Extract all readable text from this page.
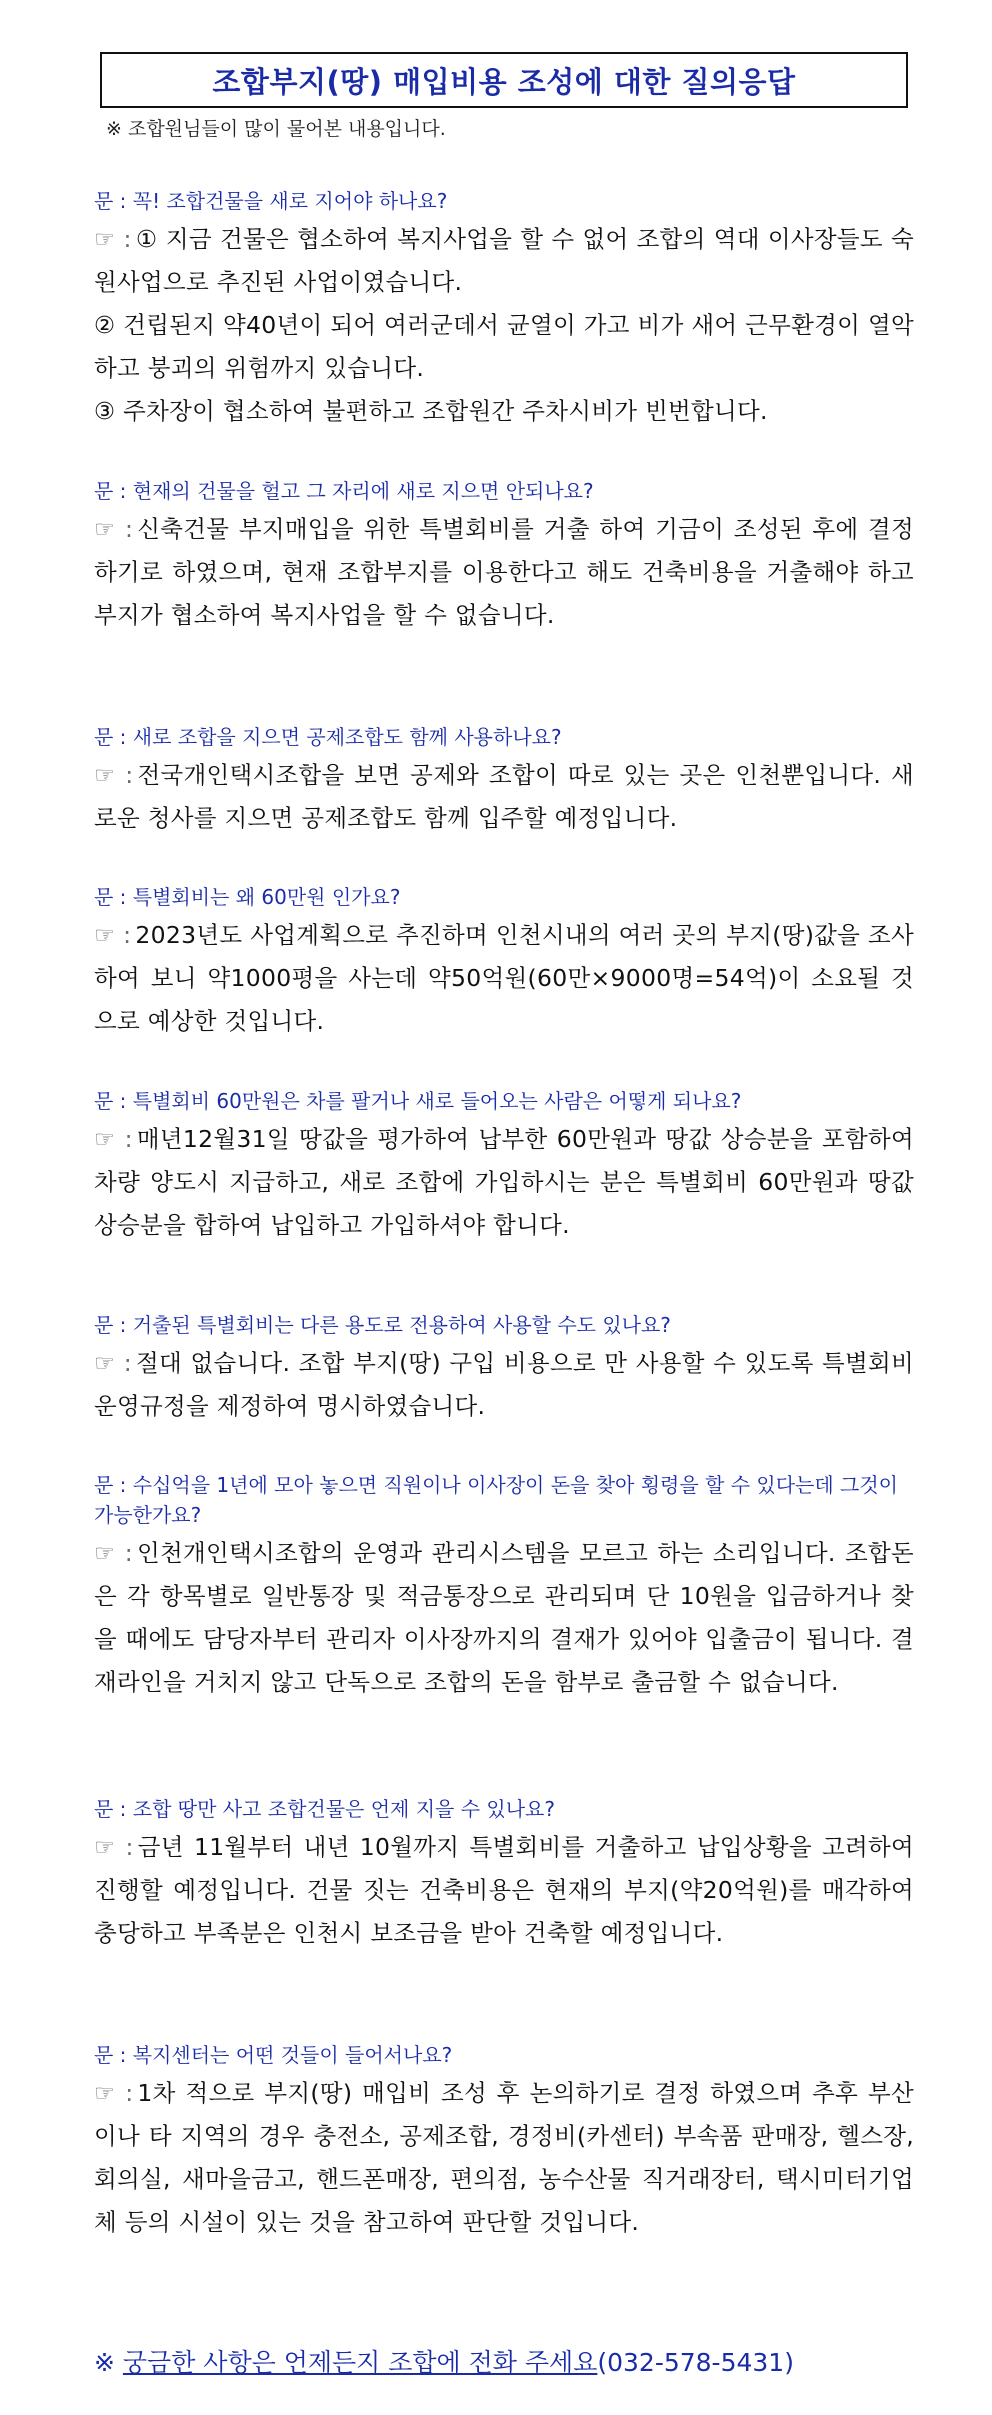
조합부지(땅) 매입비용 조성에 대한 질의응답
※ 조합원님들이 많이 물어본 내용입니다.
문 : 꼭! 조합건물을 새로 지어야 하나요?
☞ : ① 지금 건물은 협소하여 복지사업을 할 수 없어 조합의 역대 이사장들도 숙원사업으로 추진된 사업이였습니다.
② 건립된지 약40년이 되어 여러군데서 균열이 가고 비가 새어 근무환경이 열악하고 붕괴의 위험까지 있습니다.
③ 주차장이 협소하여 불편하고 조합원간 주차시비가 빈번합니다.
문 : 현재의 건물을 헐고 그 자리에 새로 지으면 안되나요?
☞ : 신축건물 부지매입을 위한 특별회비를 거출 하여 기금이 조성된 후에 결정하기로 하였으며, 현재 조합부지를 이용한다고 해도 건축비용을 거출해야 하고 부지가 협소하여 복지사업을 할 수 없습니다.
문 : 새로 조합을 지으면 공제조합도 함께 사용하나요?
☞ : 전국개인택시조합을 보면 공제와 조합이 따로 있는 곳은 인천뿐입니다. 새로운 청사를 지으면 공제조합도 함께 입주할 예정입니다.
문 : 특별회비는 왜 60만원 인가요?
☞ : 2023년도 사업계획으로 추진하며 인천시내의 여러 곳의 부지(땅)값을 조사하여 보니 약1000평을 사는데 약50억원(60만×9000명=54억)이 소요될 것으로 예상한 것입니다.
문 : 특별회비 60만원은 차를 팔거나 새로 들어오는 사람은 어떻게 되나요?
☞ : 매년12월31일 땅값을 평가하여 납부한 60만원과 땅값 상승분을 포함하여 차량 양도시 지급하고, 새로 조합에 가입하시는 분은 특별회비 60만원과 땅값 상승분을 합하여 납입하고 가입하셔야 합니다.
문 : 거출된 특별회비는 다른 용도로 전용하여 사용할 수도 있나요?
☞ : 절대 없습니다. 조합 부지(땅) 구입 비용으로 만 사용할 수 있도록 특별회비운영규정을 제정하여 명시하였습니다.
문 : 수십억을 1년에 모아 놓으면 직원이나 이사장이 돈을 찾아 횡령을 할 수 있다는데 그것이 가능한가요?
☞ : 인천개인택시조합의 운영과 관리시스템을 모르고 하는 소리입니다. 조합돈은 각 항목별로 일반통장 및 적금통장으로 관리되며 단 10원을 입금하거나 찾을 때에도 담당자부터 관리자 이사장까지의 결재가 있어야 입출금이 됩니다. 결재라인을 거치지 않고 단독으로 조합의 돈을 함부로 출금할 수 없습니다.
문 : 조합 땅만 사고 조합건물은 언제 지을 수 있나요?
☞ : 금년 11월부터 내년 10월까지 특별회비를 거출하고 납입상황을 고려하여 진행할 예정입니다. 건물 짓는 건축비용은 현재의 부지(약20억원)를 매각하여 충당하고 부족분은 인천시 보조금을 받아 건축할 예정입니다.
문 : 복지센터는 어떤 것들이 들어서나요?
☞ : 1차 적으로 부지(땅) 매입비 조성 후 논의하기로 결정 하였으며 추후 부산이나 타 지역의 경우 충전소, 공제조합, 경정비(카센터) 부속품 판매장, 헬스장, 회의실, 새마을금고, 핸드폰매장, 편의점, 농수산물 직거래장터, 택시미터기업체 등의 시설이 있는 것을 참고하여 판단할 것입니다.
※ 궁금한 사항은 언제든지 조합에 전화 주세요(032-578-5431)
